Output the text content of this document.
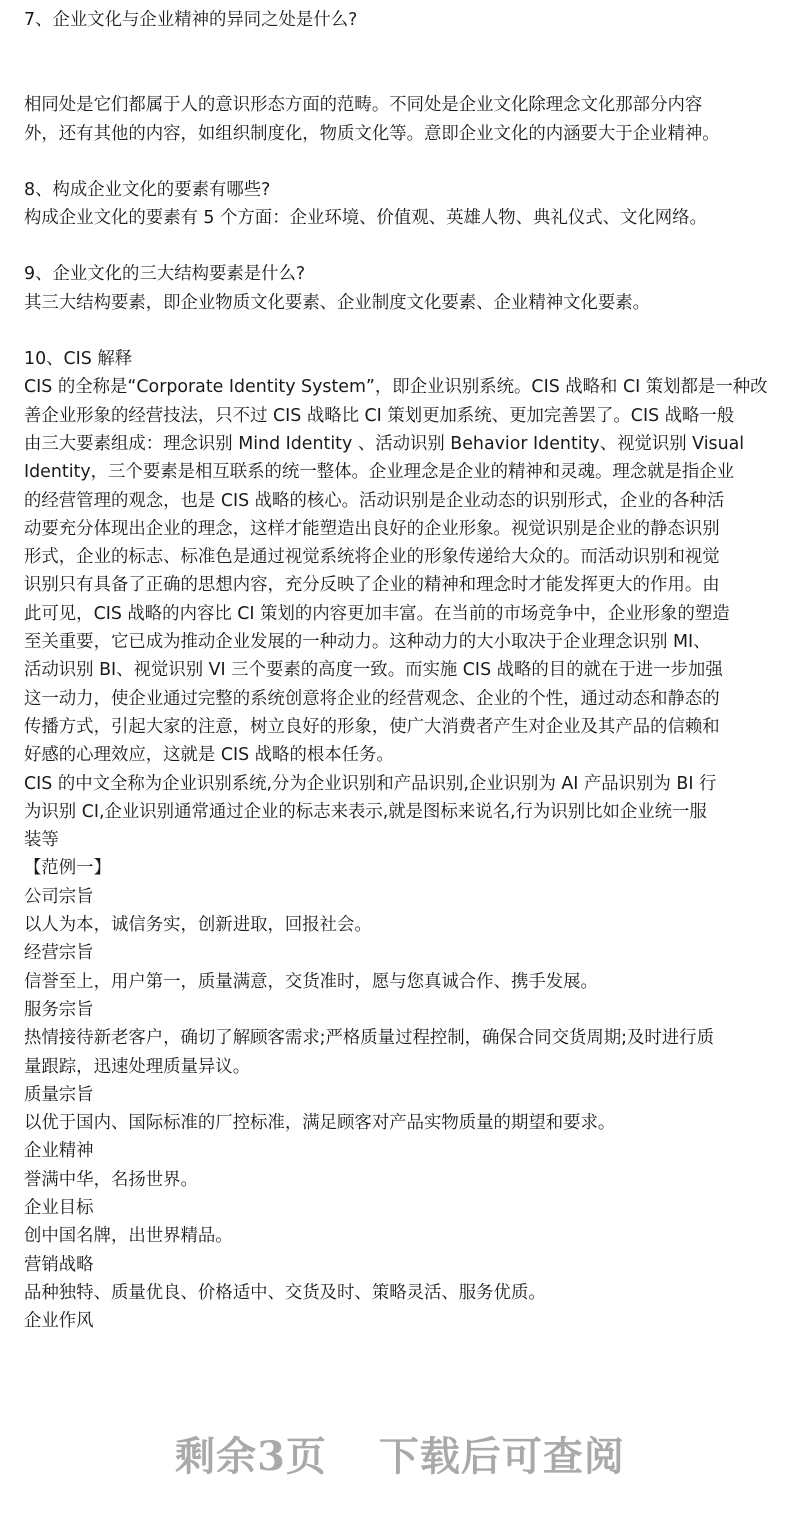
7、企业文化与企业精神的异同之处是什么?
相同处是它们都属于人的意识形态方面的范畴。不同处是企业文化除理念文化那部分内容
外，还有其他的内容，如组织制度化，物质文化等。意即企业文化的内涵要大于企业精神。
8、构成企业文化的要素有哪些?
构成企业文化的要素有 5 个方面：企业环境、价值观、英雄人物、典礼仪式、文化网络。
9、企业文化的三大结构要素是什么?
其三大结构要素，即企业物质文化要素、企业制度文化要素、企业精神文化要素。
10、CIS 解释
CIS 的全称是“Corporate Identity System”，即企业识别系统。CIS 战略和 CI 策划都是一种改
善企业形象的经营技法，只不过 CIS 战略比 CI 策划更加系统、更加完善罢了。CIS 战略一般
由三大要素组成：理念识别 Mind Identity 、活动识别 Behavior Identity、视觉识别 Visual
Identity，三个要素是相互联系的统一整体。企业理念是企业的精神和灵魂。理念就是指企业
的经营管理的观念，也是 CIS 战略的核心。活动识别是企业动态的识别形式，企业的各种活
动要充分体现出企业的理念，这样才能塑造出良好的企业形象。视觉识别是企业的静态识别
形式，企业的标志、标准色是通过视觉系统将企业的形象传递给大众的。而活动识别和视觉
识别只有具备了正确的思想内容，充分反映了企业的精神和理念时才能发挥更大的作用。由
此可见，CIS 战略的内容比 CI 策划的内容更加丰富。在当前的市场竞争中，企业形象的塑造
至关重要，它已成为推动企业发展的一种动力。这种动力的大小取决于企业理念识别 MI、
活动识别 BI、视觉识别 VI 三个要素的高度一致。而实施 CIS 战略的目的就在于进一步加强
这一动力，使企业通过完整的系统创意将企业的经营观念、企业的个性，通过动态和静态的
传播方式，引起大家的注意，树立良好的形象，使广大消费者产生对企业及其产品的信赖和
好感的心理效应，这就是 CIS 战略的根本任务。
CIS 的中文全称为企业识别系统,分为企业识别和产品识别,企业识别为 AI 产品识别为 BI 行
为识别 CI,企业识别通常通过企业的标志来表示,就是图标来说名,行为识别比如企业统一服
装等
【范例一】
公司宗旨
以人为本，诚信务实，创新进取，回报社会。
经营宗旨
信誉至上，用户第一，质量满意，交货准时，愿与您真诚合作、携手发展。
服务宗旨
热情接待新老客户，确切了解顾客需求;严格质量过程控制，确保合同交货周期;及时进行质
量跟踪，迅速处理质量异议。
质量宗旨
以优于国内、国际标准的厂控标准，满足顾客对产品实物质量的期望和要求。
企业精神
誉满中华，名扬世界。
企业目标
创中国名牌，出世界精品。
营销战略
品种独特、质量优良、价格适中、交货及时、策略灵活、服务优质。
企业作风
剩余3页 下载后可查阅
